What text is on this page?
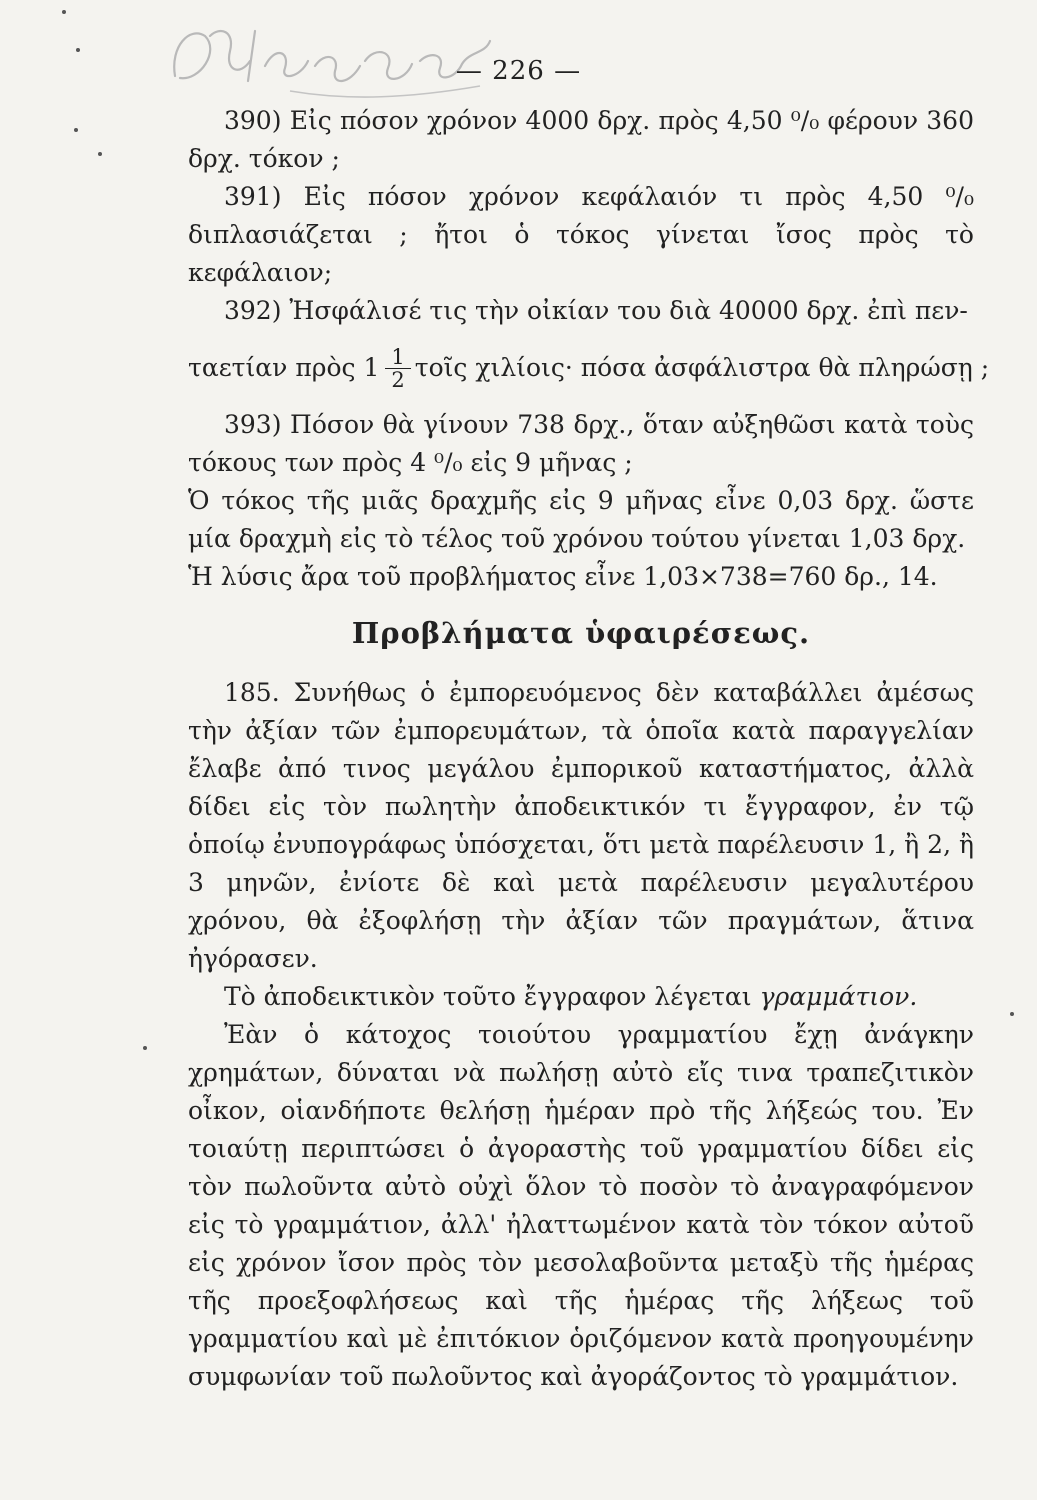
— 226 —

390) Εἰς πόσον χρόνον 4000 δρχ. πρὸς 4,50 ⁰/₀ φέρουν 360 δρχ. τόκον ;

391) Εἰς πόσον χρόνον κεφάλαιόν τι πρὸς 4,50 ⁰/₀ διπλασιάζεται ; ἤτοι ὁ τόκος γίνεται ἴσος πρὸς τὸ κεφάλαιον;

392) Ἠσφάλισέ τις τὴν οἰκίαν του διὰ 40000 δρχ. ἐπὶ πεν-

ταετίαν πρὸς $1 \frac{1}{2}$ τοῖς χιλίοις· πόσα ἀσφάλιστρα θὰ πληρώσῃ ;

393) Πόσον θὰ γίνουν 738 δρχ., ὅταν αὐξηθῶσι κατὰ τοὺς τόκους των πρὸς 4 ⁰/₀ εἰς 9 μῆνας ;

Ὁ τόκος τῆς μιᾶς δραχμῆς εἰς 9 μῆνας εἶνε 0,03 δρχ. ὥστε μία δραχμὴ εἰς τὸ τέλος τοῦ χρόνου τούτου γίνεται 1,03 δρχ.

Ἡ λύσις ἄρα τοῦ προβλήματος εἶνε 1,03×738=760 δρ., 14.

Προβλήματα ὑφαιρέσεως.

185. Συνήθως ὁ ἐμπορευόμενος δὲν καταβάλλει ἀμέσως τὴν ἀξίαν τῶν ἐμπορευμάτων, τὰ ὁποῖα κατὰ παραγγελίαν ἔλαβε ἀπό τινος μεγάλου ἐμπορικοῦ καταστήματος, ἀλλὰ δίδει εἰς τὸν πωλητὴν ἀποδεικτικόν τι ἔγγραφον, ἐν τῷ ὁποίῳ ἐνυπογράφως ὑπόσχεται, ὅτι μετὰ παρέλευσιν 1, ἢ 2, ἢ 3 μηνῶν, ἐνίοτε δὲ καὶ μετὰ παρέλευσιν μεγαλυτέρου χρόνου, θὰ ἐξοφλήσῃ τὴν ἀξίαν τῶν πραγμάτων, ἅτινα ἠγόρασεν.

Τὸ ἀποδεικτικὸν τοῦτο ἔγγραφον λέγεται γραμμάτιον.

Ἐὰν ὁ κάτοχος τοιούτου γραμματίου ἔχῃ ἀνάγκην χρημάτων, δύναται νὰ πωλήσῃ αὐτὸ εἴς τινα τραπεζιτικὸν οἶκον, οἱανδήποτε θελήσῃ ἡμέραν πρὸ τῆς λήξεώς του. Ἐν τοιαύτῃ περιπτώσει ὁ ἀγοραστὴς τοῦ γραμματίου δίδει εἰς τὸν πωλοῦντα αὐτὸ οὐχὶ ὅλον τὸ ποσὸν τὸ ἀναγραφόμενον εἰς τὸ γραμμάτιον, ἀλλ' ἠλαττωμένον κατὰ τὸν τόκον αὐτοῦ εἰς χρόνον ἴσον πρὸς τὸν μεσολαβοῦντα μεταξὺ τῆς ἡμέρας τῆς προεξοφλήσεως καὶ τῆς ἡμέρας τῆς λήξεως τοῦ γραμματίου καὶ μὲ ἐπιτόκιον ὁριζόμενον κατὰ προηγουμένην συμφωνίαν τοῦ πωλοῦντος καὶ ἀγοράζοντος τὸ γραμμάτιον.
